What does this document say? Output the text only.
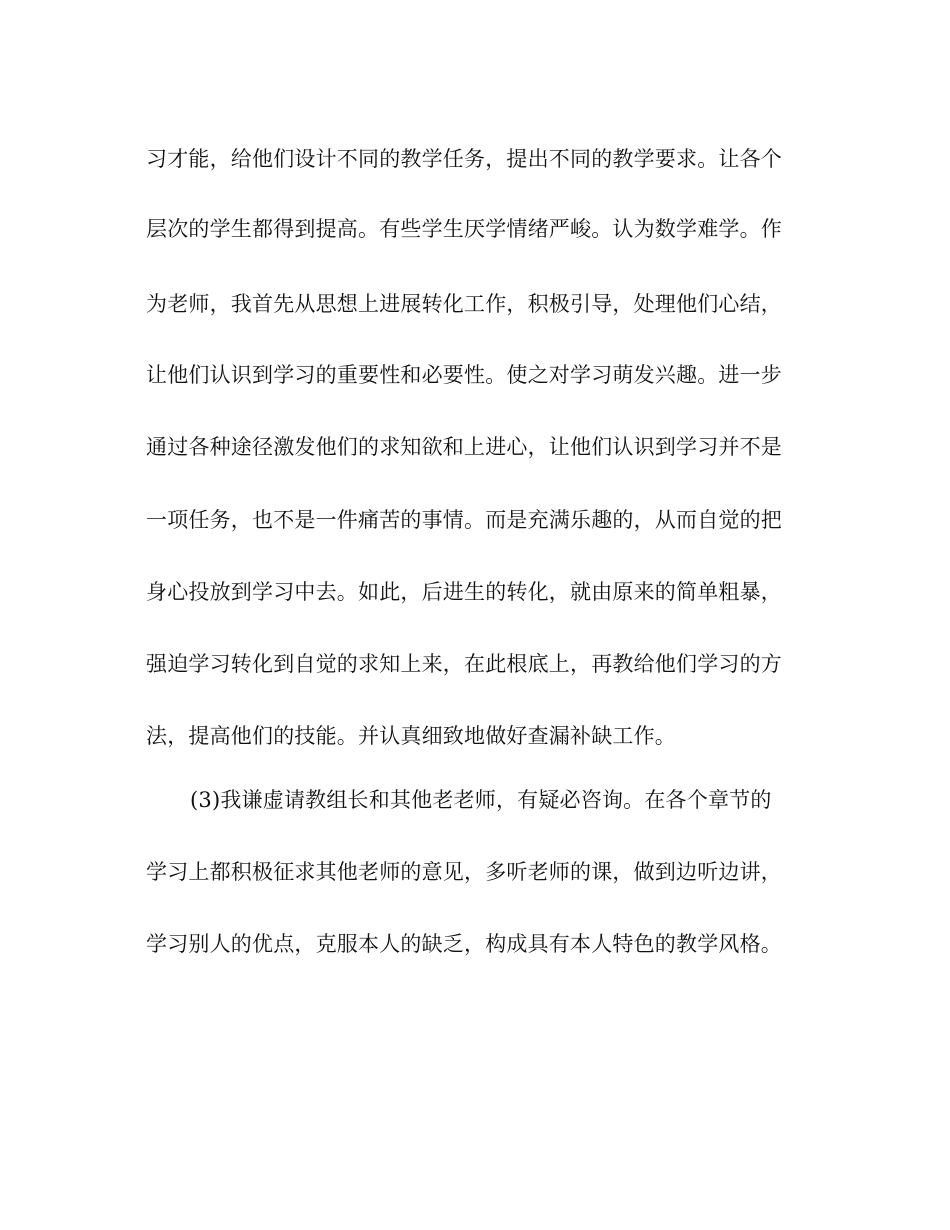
习才能，给他们设计不同的教学任务，提出不同的教学要求。让各个
层次的学生都得到提高。有些学生厌学情绪严峻。认为数学难学。作
为老师，我首先从思想上进展转化工作，积极引导，处理他们心结，
让他们认识到学习的重要性和必要性。使之对学习萌发兴趣。进一步
通过各种途径激发他们的求知欲和上进心，让他们认识到学习并不是
一项任务，也不是一件痛苦的事情。而是充满乐趣的，从而自觉的把
身心投放到学习中去。如此，后进生的转化，就由原来的简单粗暴，
强迫学习转化到自觉的求知上来，在此根底上，再教给他们学习的方
法，提高他们的技能。并认真细致地做好查漏补缺工作。
(3)我谦虚请教组长和其他老老师，有疑必咨询。在各个章节的
学习上都积极征求其他老师的意见，多听老师的课，做到边听边讲，
学习别人的优点，克服本人的缺乏，构成具有本人特色的教学风格。
